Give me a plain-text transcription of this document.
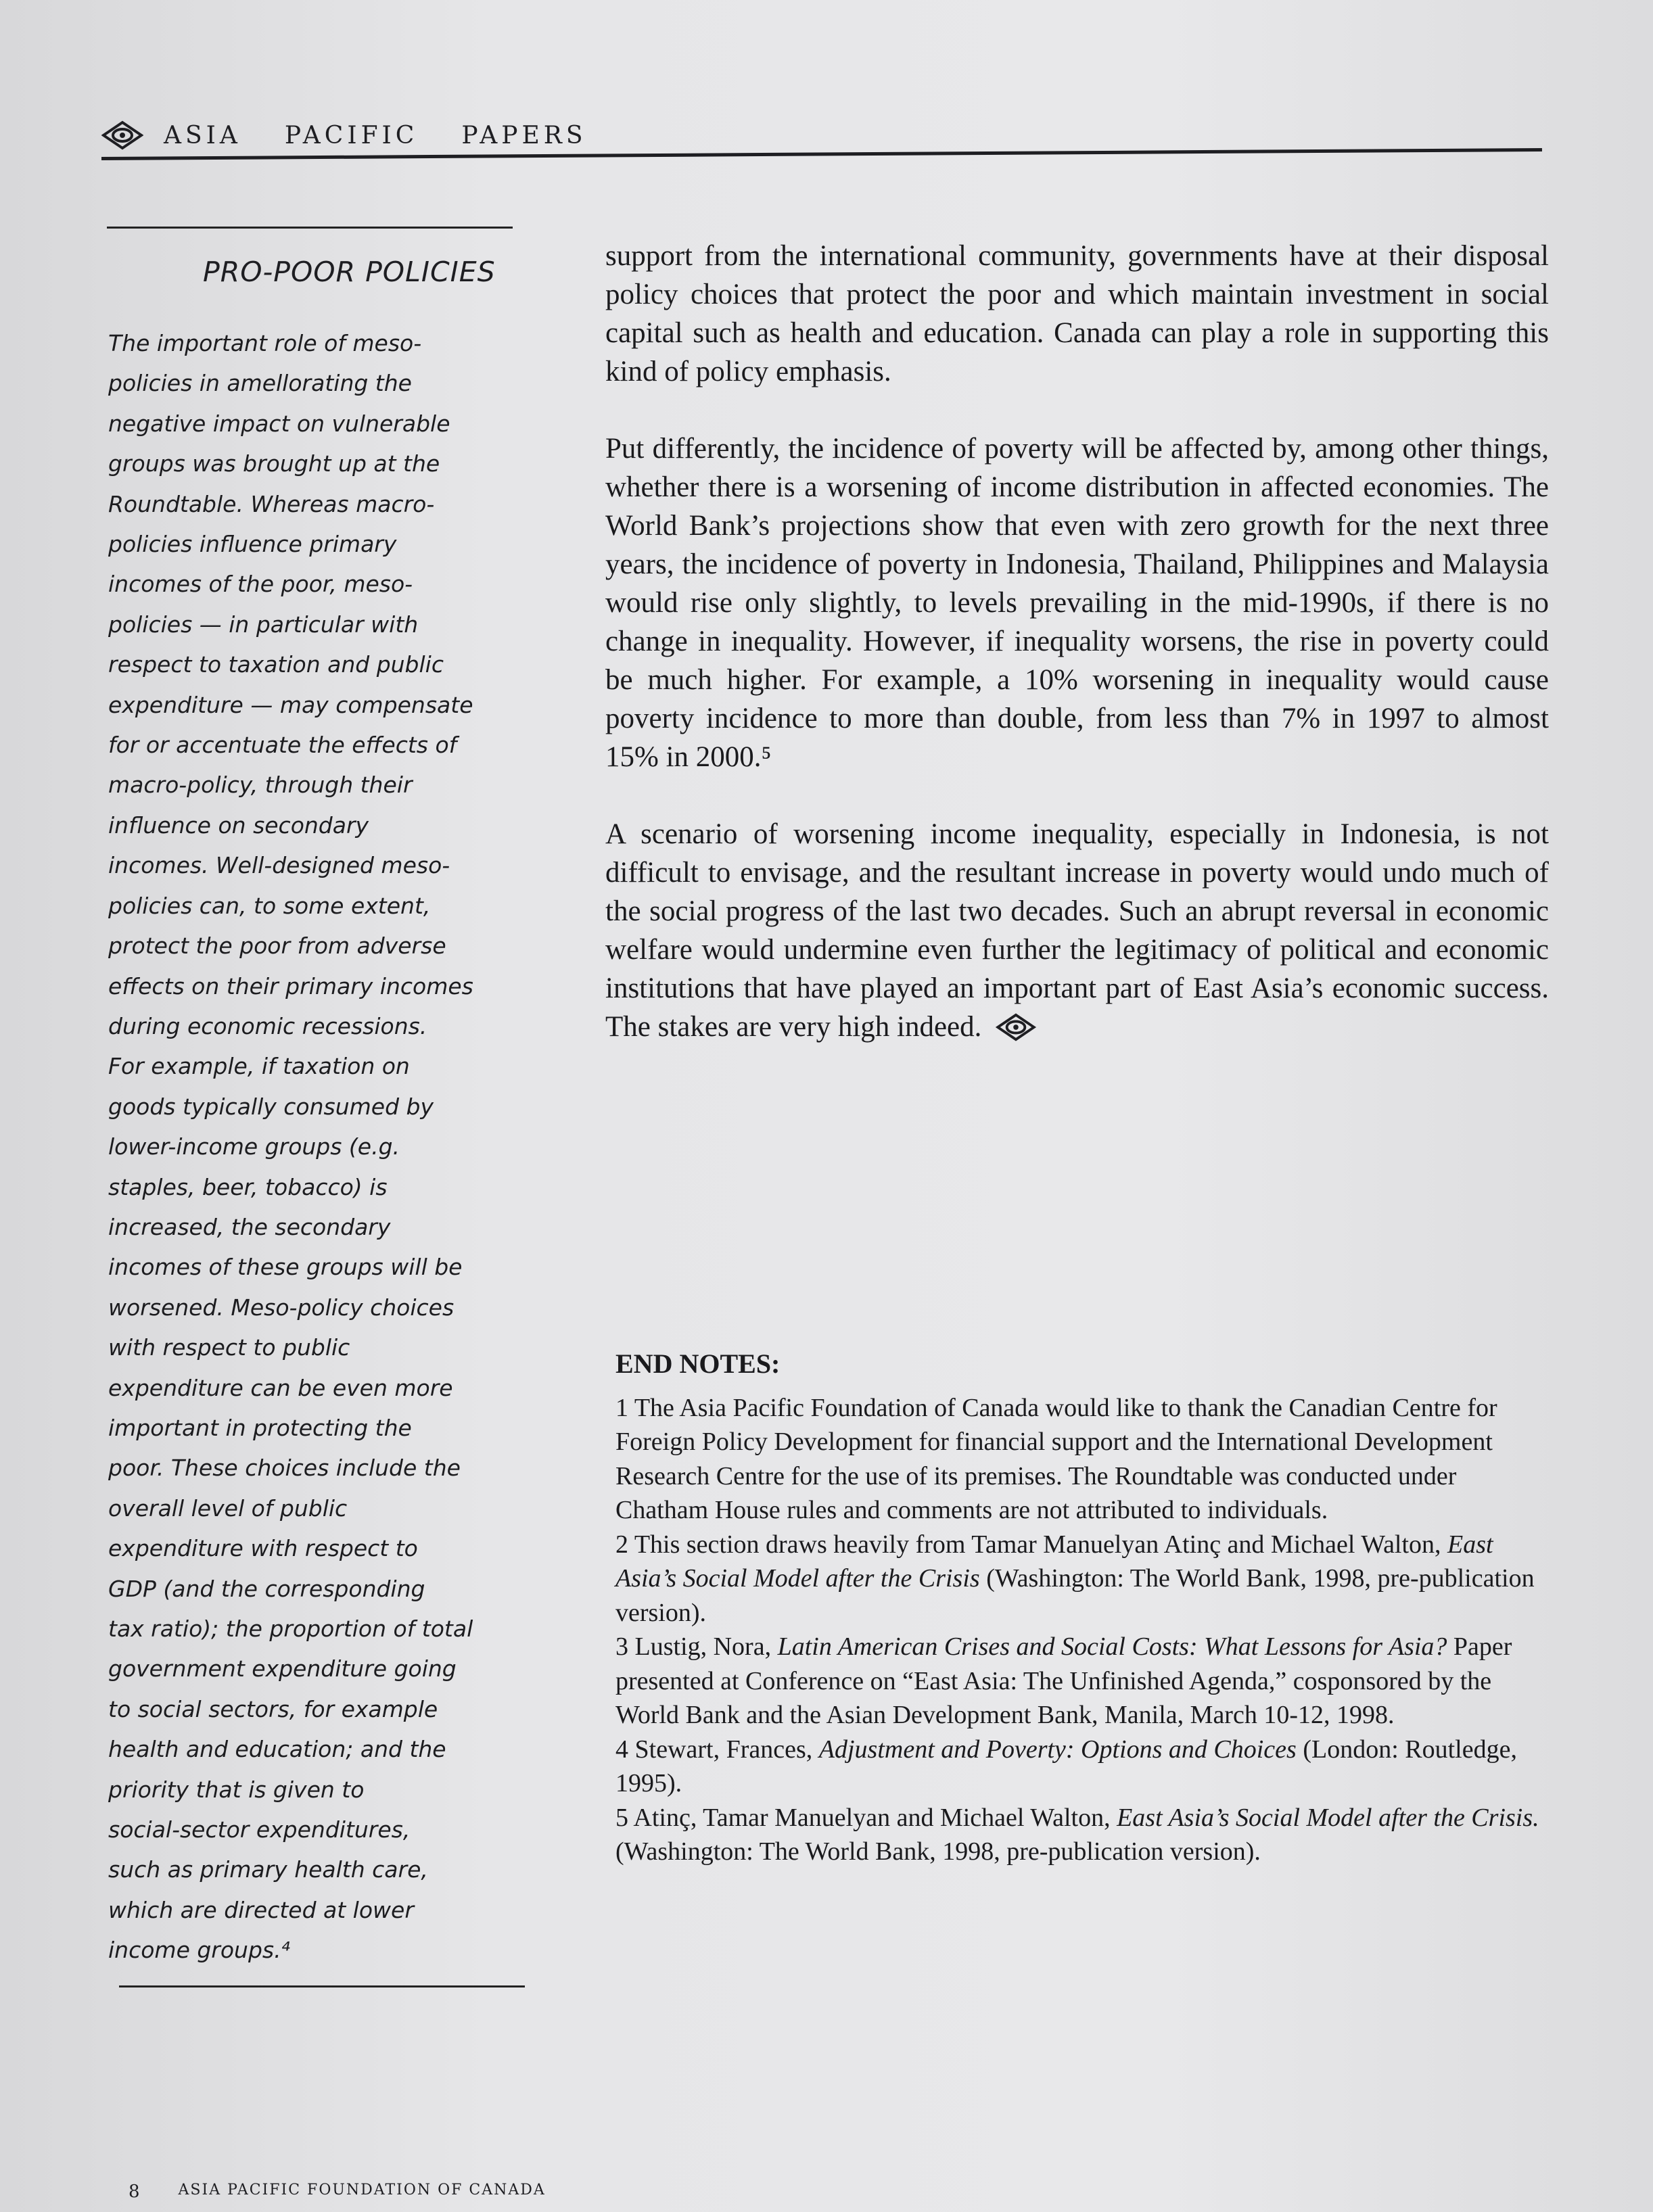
ASIA PACIFIC PAPERS
PRO-POOR POLICIES
The important role of meso-
policies in amellorating the
negative impact on vulnerable
groups was brought up at the
Roundtable. Whereas macro-
policies influence primary
incomes of the poor, meso-
policies — in particular with
respect to taxation and public
expenditure — may compensate
for or accentuate the effects of
macro-policy, through their
influence on secondary
incomes. Well-designed meso-
policies can, to some extent,
protect the poor from adverse
effects on their primary incomes
during economic recessions.
For example, if taxation on
goods typically consumed by
lower-income groups (e.g.
staples, beer, tobacco) is
increased, the secondary
incomes of these groups will be
worsened. Meso-policy choices
with respect to public
expenditure can be even more
important in protecting the
poor. These choices include the
overall level of public
expenditure with respect to
GDP (and the corresponding
tax ratio); the proportion of total
government expenditure going
to social sectors, for example
health and education; and the
priority that is given to
social-sector expenditures,
such as primary health care,
which are directed at lower
income groups.⁴

support from the international community, governments have at their disposal policy choices that protect the poor and which maintain investment in social capital such as health and education. Canada can play a role in supporting this kind of policy emphasis.

Put differently, the incidence of poverty will be affected by, among other things, whether there is a worsening of income distribution in affected economies. The World Bank’s projections show that even with zero growth for the next three years, the incidence of poverty in Indonesia, Thailand, Philippines and Malaysia would rise only slightly, to levels prevailing in the mid-1990s, if there is no change in inequality. However, if inequality worsens, the rise in poverty could be much higher. For example, a 10% worsening in inequality would cause poverty incidence to more than double, from less than 7% in 1997 to almost 15% in 2000.⁵

A scenario of worsening income inequality, especially in Indonesia, is not difficult to envisage, and the resultant increase in poverty would undo much of the social progress of the last two decades. Such an abrupt reversal in economic welfare would undermine even further the legitimacy of political and economic institutions that have played an important part of East Asia’s economic success. The stakes are very high indeed.

END NOTES:
1 The Asia Pacific Foundation of Canada would like to thank the Canadian Centre for Foreign Policy Development for financial support and the International Development Research Centre for the use of its premises. The Roundtable was conducted under Chatham House rules and comments are not attributed to individuals.
2 This section draws heavily from Tamar Manuelyan Atinç and Michael Walton, East Asia’s Social Model after the Crisis (Washington: The World Bank, 1998, pre-publication version).
3 Lustig, Nora, Latin American Crises and Social Costs: What Lessons for Asia? Paper presented at Conference on “East Asia: The Unfinished Agenda,” cosponsored by the World Bank and the Asian Development Bank, Manila, March 10-12, 1998.
4 Stewart, Frances, Adjustment and Poverty: Options and Choices (London: Routledge, 1995).
5 Atinç, Tamar Manuelyan and Michael Walton, East Asia’s Social Model after the Crisis. (Washington: The World Bank, 1998, pre-publication version).
8	ASIA PACIFIC FOUNDATION OF CANADA
